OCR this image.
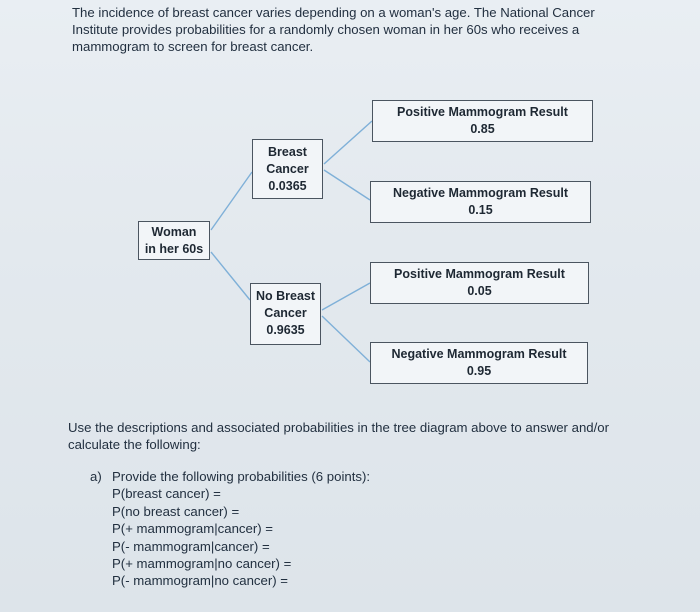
The incidence of breast cancer varies depending on a woman's age. The National Cancer Institute provides probabilities for a randomly chosen woman in her 60s who receives a mammogram to screen for breast cancer.
Woman
in her 60s
Breast
Cancer
0.0365
No Breast
Cancer
0.9635
Positive Mammogram Result
0.85
Negative Mammogram Result
0.15
Positive Mammogram Result
0.05
Negative Mammogram Result
0.95
Use the descriptions and associated probabilities in the tree diagram above to answer and/or calculate the following:
a) Provide the following probabilities (6 points):
P(breast cancer) =
P(no breast cancer) =
P(+ mammogram|cancer) =
P(- mammogram|cancer) =
P(+ mammogram|no cancer) =
P(- mammogram|no cancer) =
